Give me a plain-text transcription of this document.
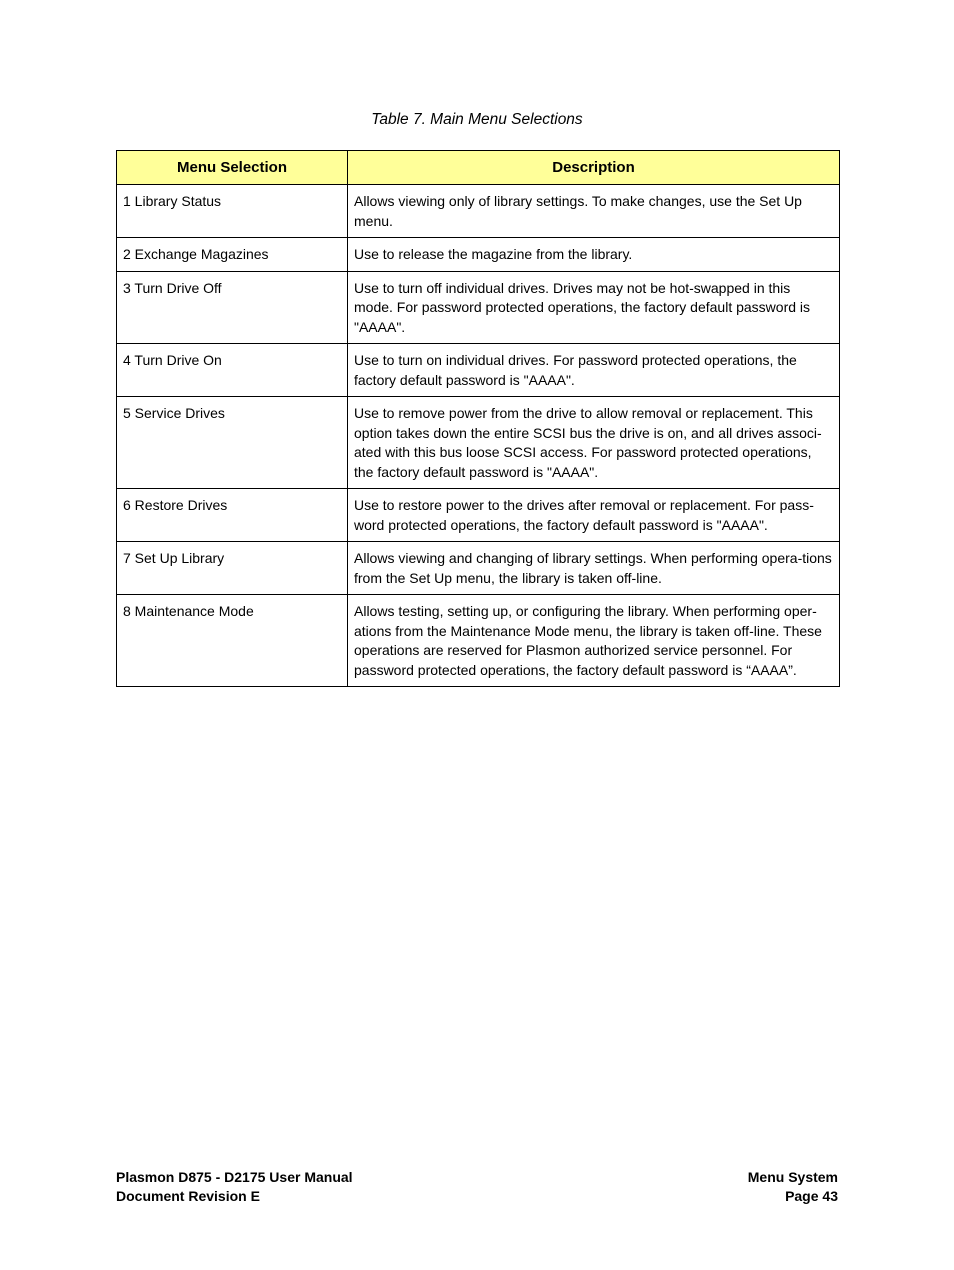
Table 7. Main Menu Selections
Menu Selection	Description
1 Library Status	Allows viewing only of library settings. To make changes, use the Set Up menu.
2 Exchange Magazines	Use to release the magazine from the library.
3 Turn Drive Off	Use to turn off individual drives. Drives may not be hot-swapped in this mode. For password protected operations, the factory default password is "AAAA".
4 Turn Drive On	Use to turn on individual drives. For password protected operations, the factory default password is "AAAA".
5 Service Drives	Use to remove power from the drive to allow removal or replacement. This option takes down the entire SCSI bus the drive is on, and all drives associ-ated with this bus loose SCSI access. For password protected operations, the factory default password is "AAAA".
6 Restore Drives	Use to restore power to the drives after removal or replacement. For pass-word protected operations, the factory default password is "AAAA".
7 Set Up Library	Allows viewing and changing of library settings. When performing opera-tions from the Set Up menu, the library is taken off-line.
8 Maintenance Mode	Allows testing, setting up, or configuring the library. When performing oper-ations from the Maintenance Mode menu, the library is taken off-line. These operations are reserved for Plasmon authorized service personnel. For password protected operations, the factory default password is “AAAA”.
Plasmon D875 - D2175 User Manual
Document Revision E
Menu System
Page 43
